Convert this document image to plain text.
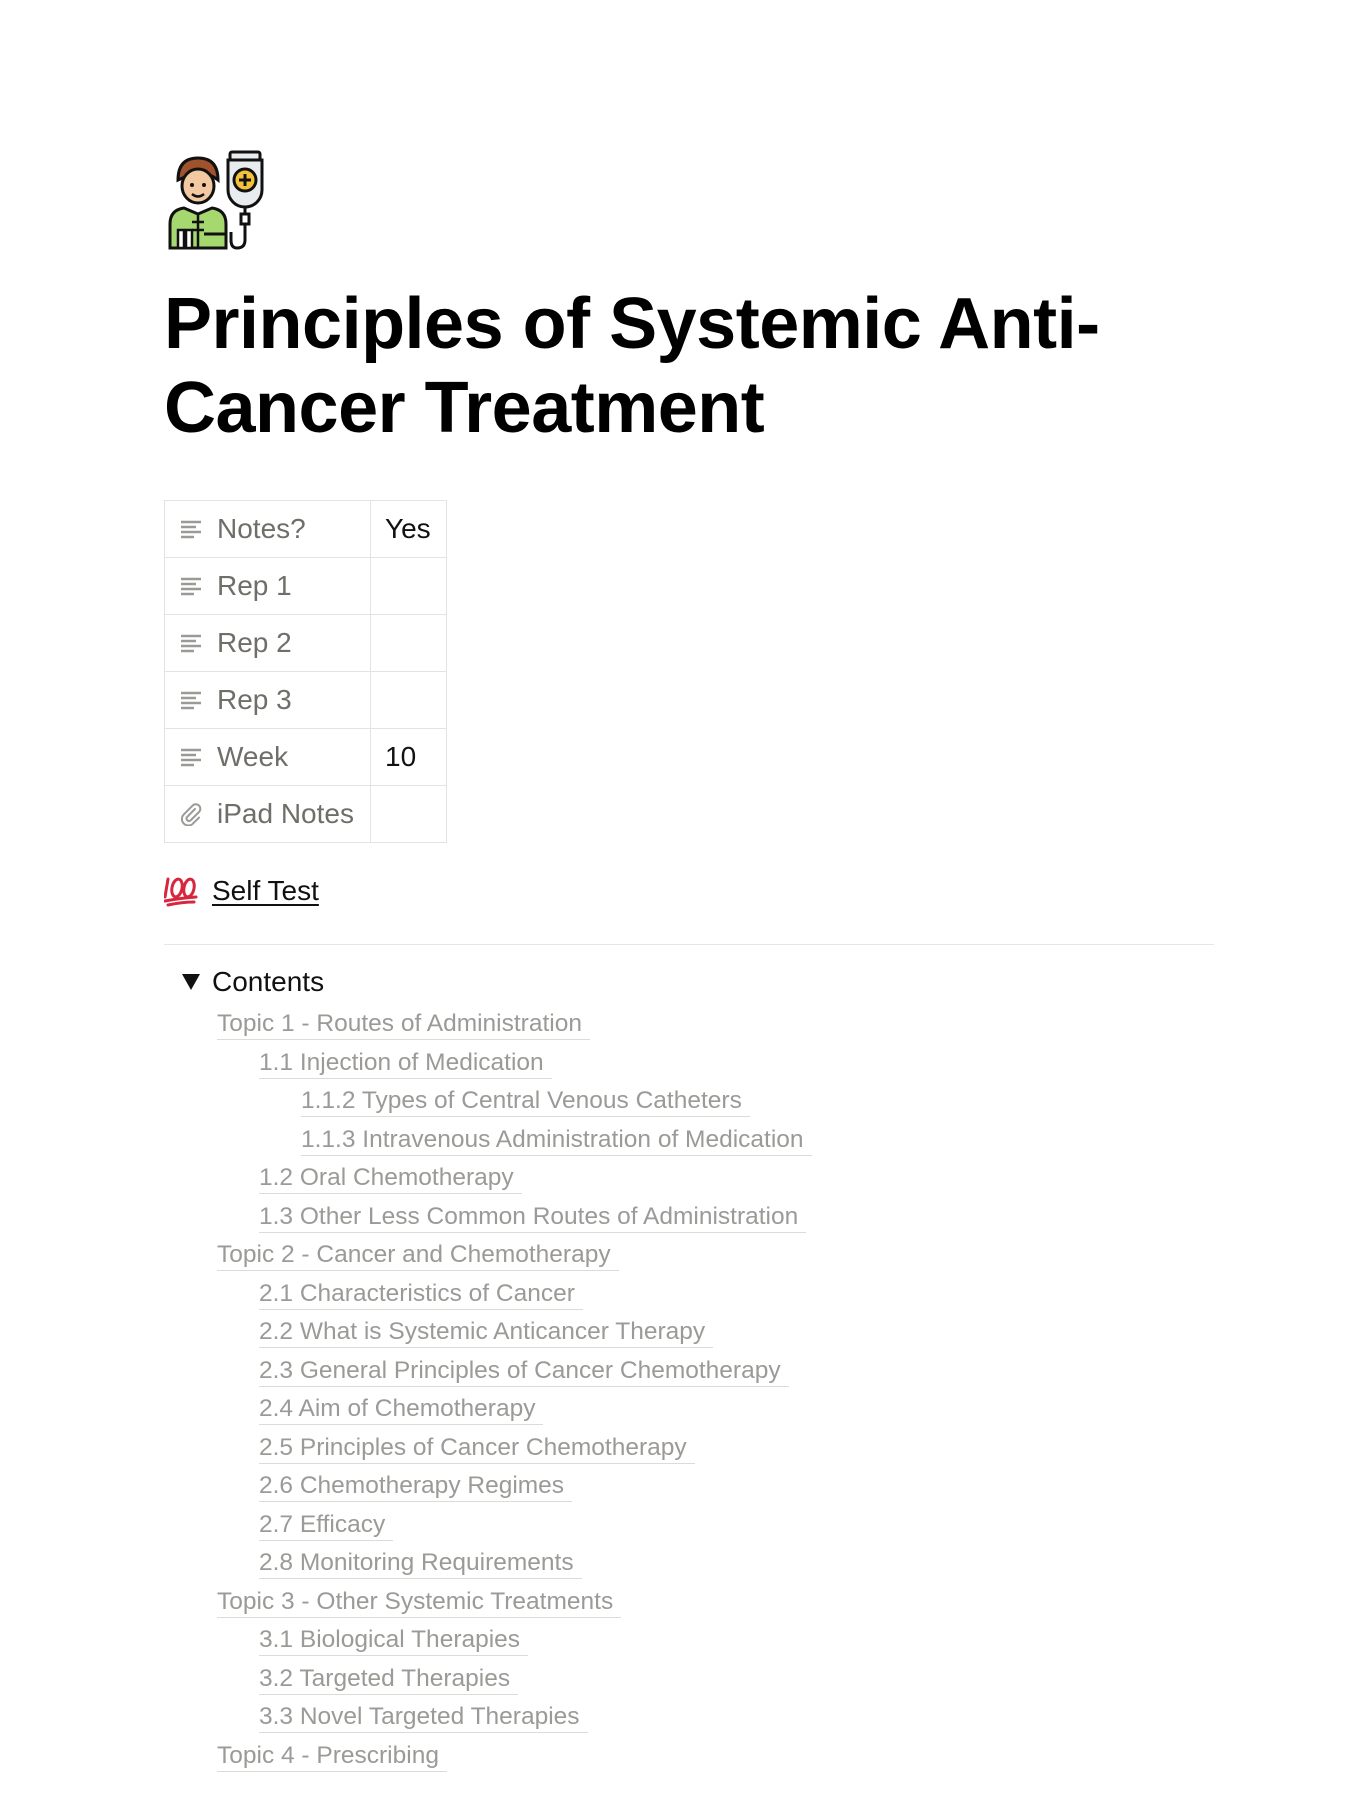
Principles of Systemic Anti-Cancer Treatment
Notes?	Yes

Rep 1	

Rep 2	

Rep 3	

Week	10

iPad Notes	

Self Test
Contents
Topic 1 - Routes of Administration
1.1 Injection of Medication
1.1.2 Types of Central Venous Catheters
1.1.3 Intravenous Administration of Medication
1.2 Oral Chemotherapy
1.3 Other Less Common Routes of Administration
Topic 2 - Cancer and Chemotherapy
2.1 Characteristics of Cancer
2.2 What is Systemic Anticancer Therapy
2.3 General Principles of Cancer Chemotherapy
2.4 Aim of Chemotherapy
2.5 Principles of Cancer Chemotherapy
2.6 Chemotherapy Regimes
2.7 Efficacy
2.8 Monitoring Requirements
Topic 3 - Other Systemic Treatments
3.1 Biological Therapies
3.2 Targeted Therapies
3.3 Novel Targeted Therapies
Topic 4 - Prescribing
